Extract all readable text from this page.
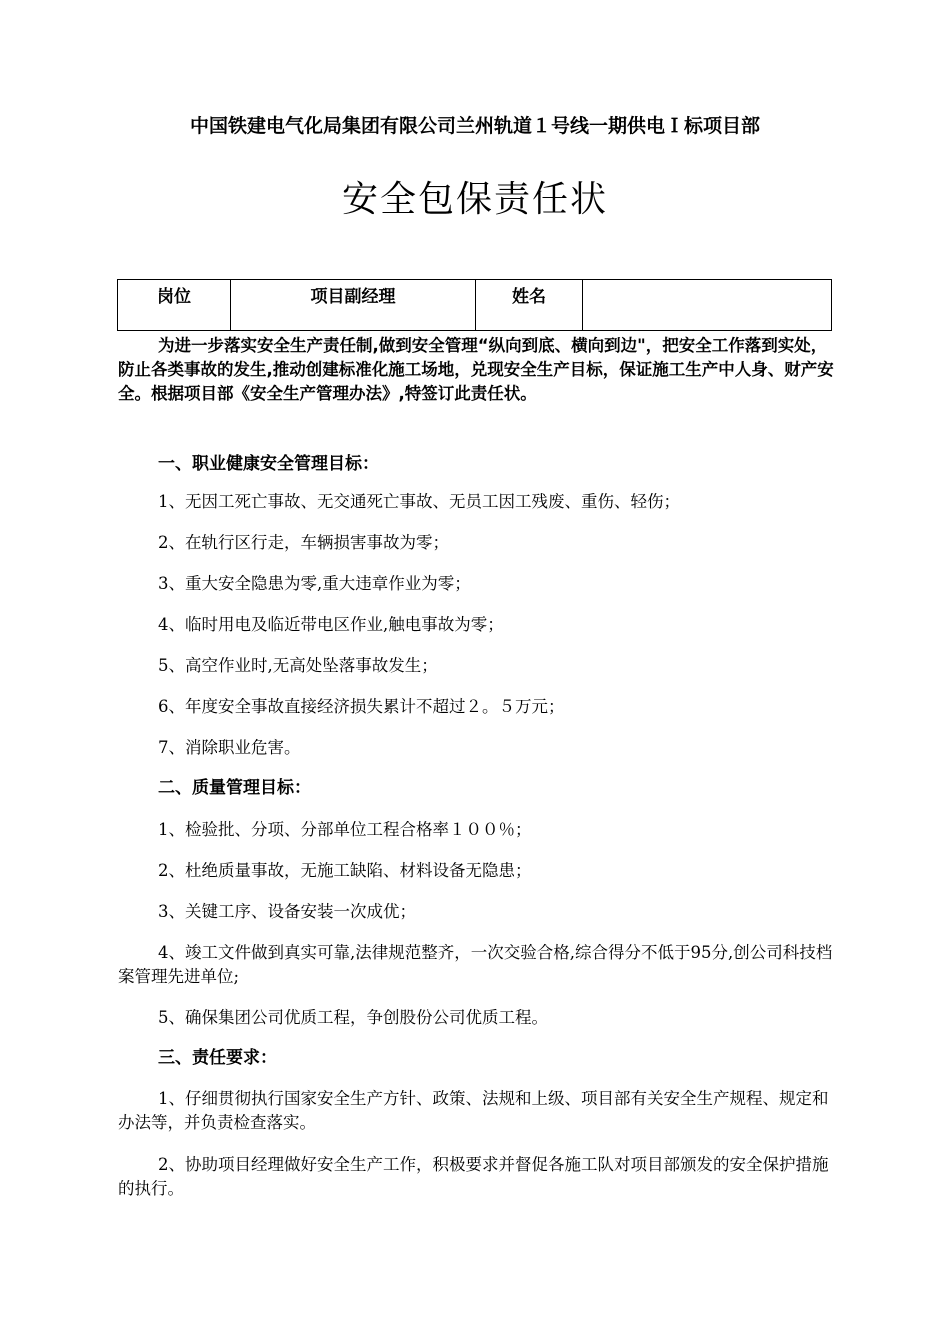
中国铁建电气化局集团有限公司兰州轨道１号线一期供电Ｉ标项目部
安全包保责任状
岗位	项目副经理	姓名	

为进一步落实安全生产责任制,做到安全管理“纵向到底、横向到边"，把安全工作落到实处，防止各类事故的发生,推动创建标准化施工场地，兑现安全生产目标，保证施工生产中人身、财产安全。根据项目部《安全生产管理办法》,特签订此责任状。

一、职业健康安全管理目标：

1、无因工死亡事故、无交通死亡事故、无员工因工残废、重伤、轻伤；

2、在轨行区行走，车辆损害事故为零；

3、重大安全隐患为零,重大违章作业为零；

4、临时用电及临近带电区作业,触电事故为零；

5、高空作业时,无高处坠落事故发生；

6、年度安全事故直接经济损失累计不超过２。５万元；

7、消除职业危害。

二、质量管理目标：

1、检验批、分项、分部单位工程合格率１００％；

2、杜绝质量事故，无施工缺陷、材料设备无隐患；

3、关键工序、设备安装一次成优；

4、竣工文件做到真实可靠,法律规范整齐，一次交验合格,综合得分不低于95分,创公司科技档案管理先进单位;

5、确保集团公司优质工程，争创股份公司优质工程。

三、责任要求：

1、仔细贯彻执行国家安全生产方针、政策、法规和上级、项目部有关安全生产规程、规定和办法等，并负责检查落实。

2、协助项目经理做好安全生产工作，积极要求并督促各施工队对项目部颁发的安全保护措施的执行。
